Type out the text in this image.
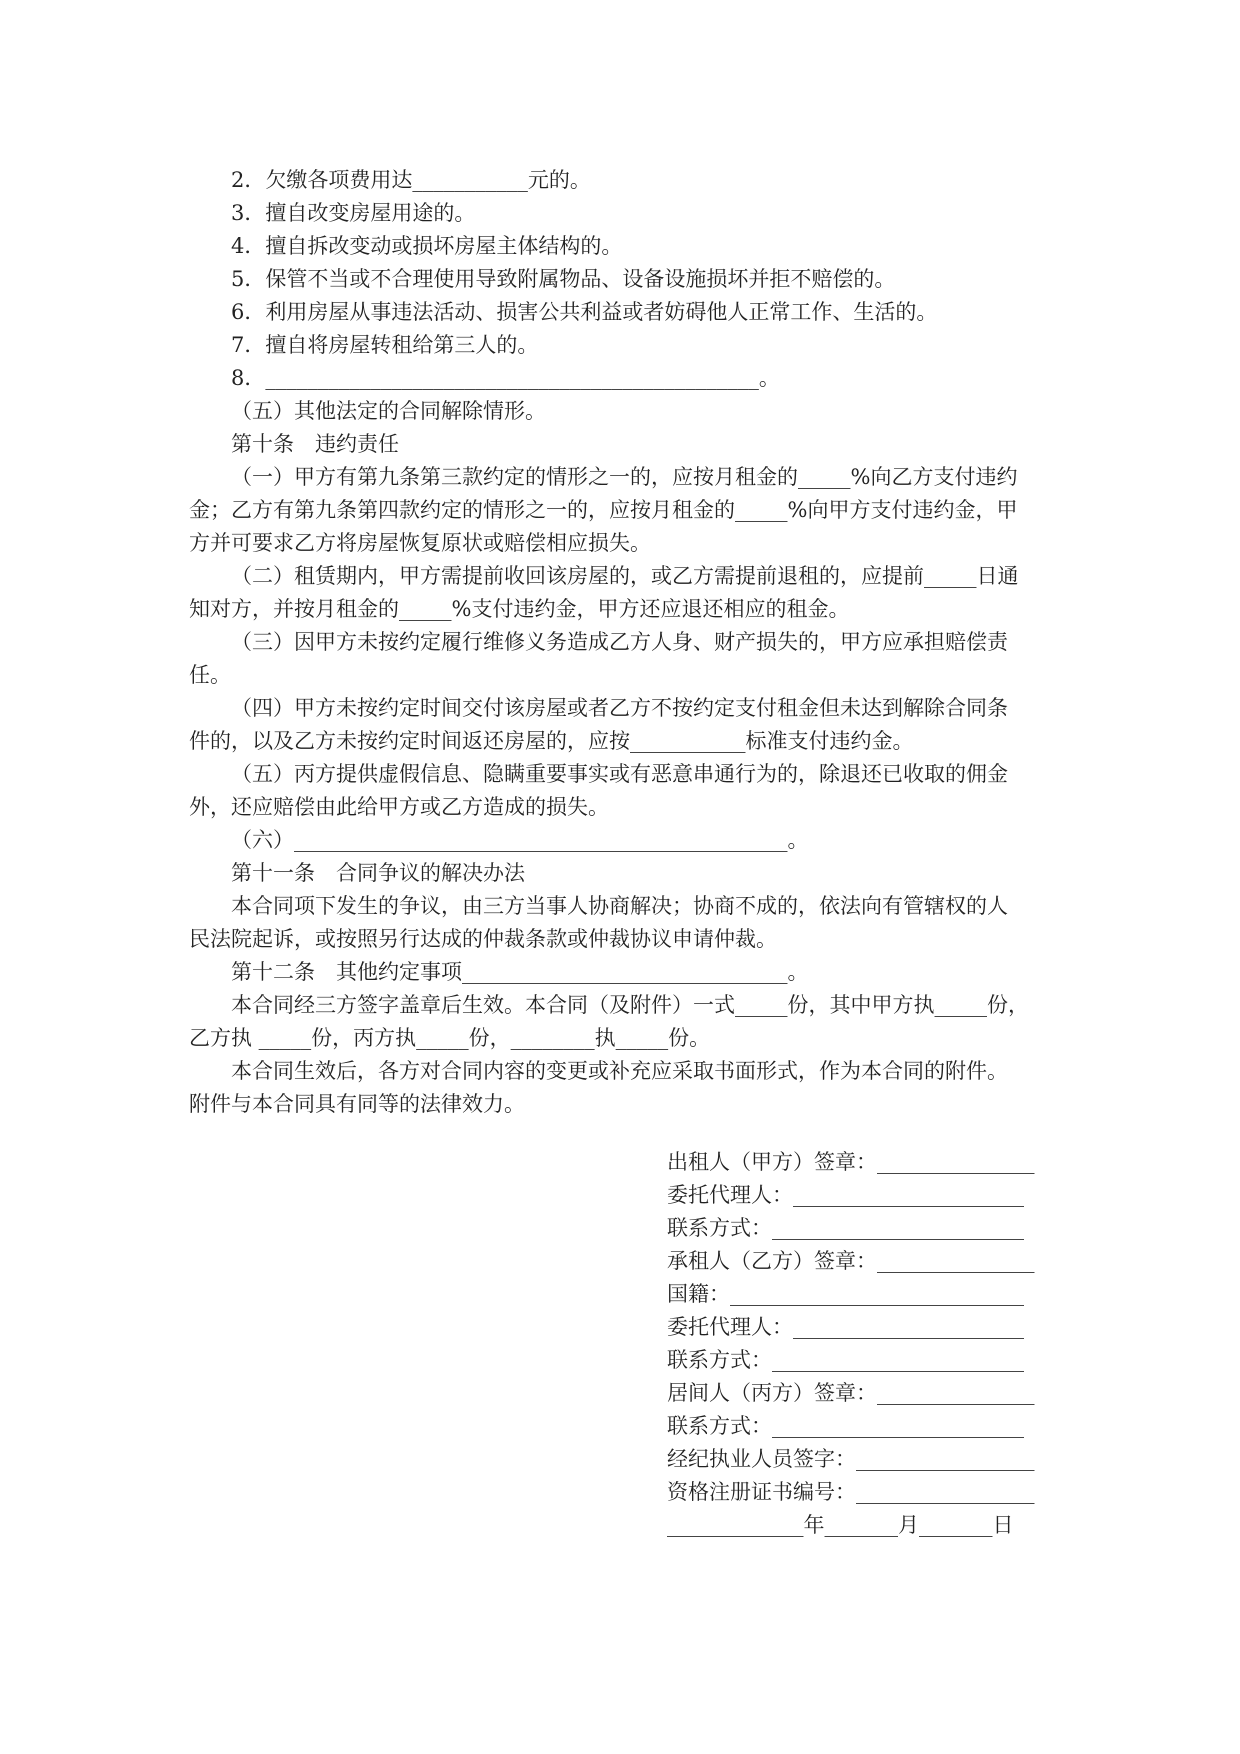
2．欠缴各项费用达___________元的。
3．擅自改变房屋用途的。
4．擅自拆改变动或损坏房屋主体结构的。
5．保管不当或不合理使用导致附属物品、设备设施损坏并拒不赔偿的。
6．利用房屋从事违法活动、损害公共利益或者妨碍他人正常工作、生活的。
7．擅自将房屋转租给第三人的。
8．_______________________________________________。
（五）其他法定的合同解除情形。
第十条　违约责任
（一）甲方有第九条第三款约定的情形之一的，应按月租金的_____%向乙方支付违约
金；乙方有第九条第四款约定的情形之一的，应按月租金的_____%向甲方支付违约金，甲
方并可要求乙方将房屋恢复原状或赔偿相应损失。
（二）租赁期内，甲方需提前收回该房屋的，或乙方需提前退租的，应提前_____日通
知对方，并按月租金的_____%支付违约金，甲方还应退还相应的租金。
（三）因甲方未按约定履行维修义务造成乙方人身、财产损失的，甲方应承担赔偿责
任。
（四）甲方未按约定时间交付该房屋或者乙方不按约定支付租金但未达到解除合同条
件的，以及乙方未按约定时间返还房屋的，应按___________标准支付违约金。
（五）丙方提供虚假信息、隐瞒重要事实或有恶意串通行为的，除退还已收取的佣金
外，还应赔偿由此给甲方或乙方造成的损失。
（六）_______________________________________________。
第十一条　合同争议的解决办法
本合同项下发生的争议，由三方当事人协商解决；协商不成的，依法向有管辖权的人
民法院起诉，或按照另行达成的仲裁条款或仲裁协议申请仲裁。
第十二条　其他约定事项_______________________________。
本合同经三方签字盖章后生效。本合同（及附件）一式_____份，其中甲方执_____份，
乙方执 _____份，丙方执_____份，________执_____份。
本合同生效后，各方对合同内容的变更或补充应采取书面形式，作为本合同的附件。
附件与本合同具有同等的法律效力。
出租人（甲方）签章：_______________
委托代理人：______________________
联系方式：________________________
承租人（乙方）签章：_______________
国籍：____________________________
委托代理人：______________________
联系方式：________________________
居间人（丙方）签章：_______________
联系方式：________________________
经纪执业人员签字：_________________
资格注册证书编号：_________________
_____________年_______月_______日
